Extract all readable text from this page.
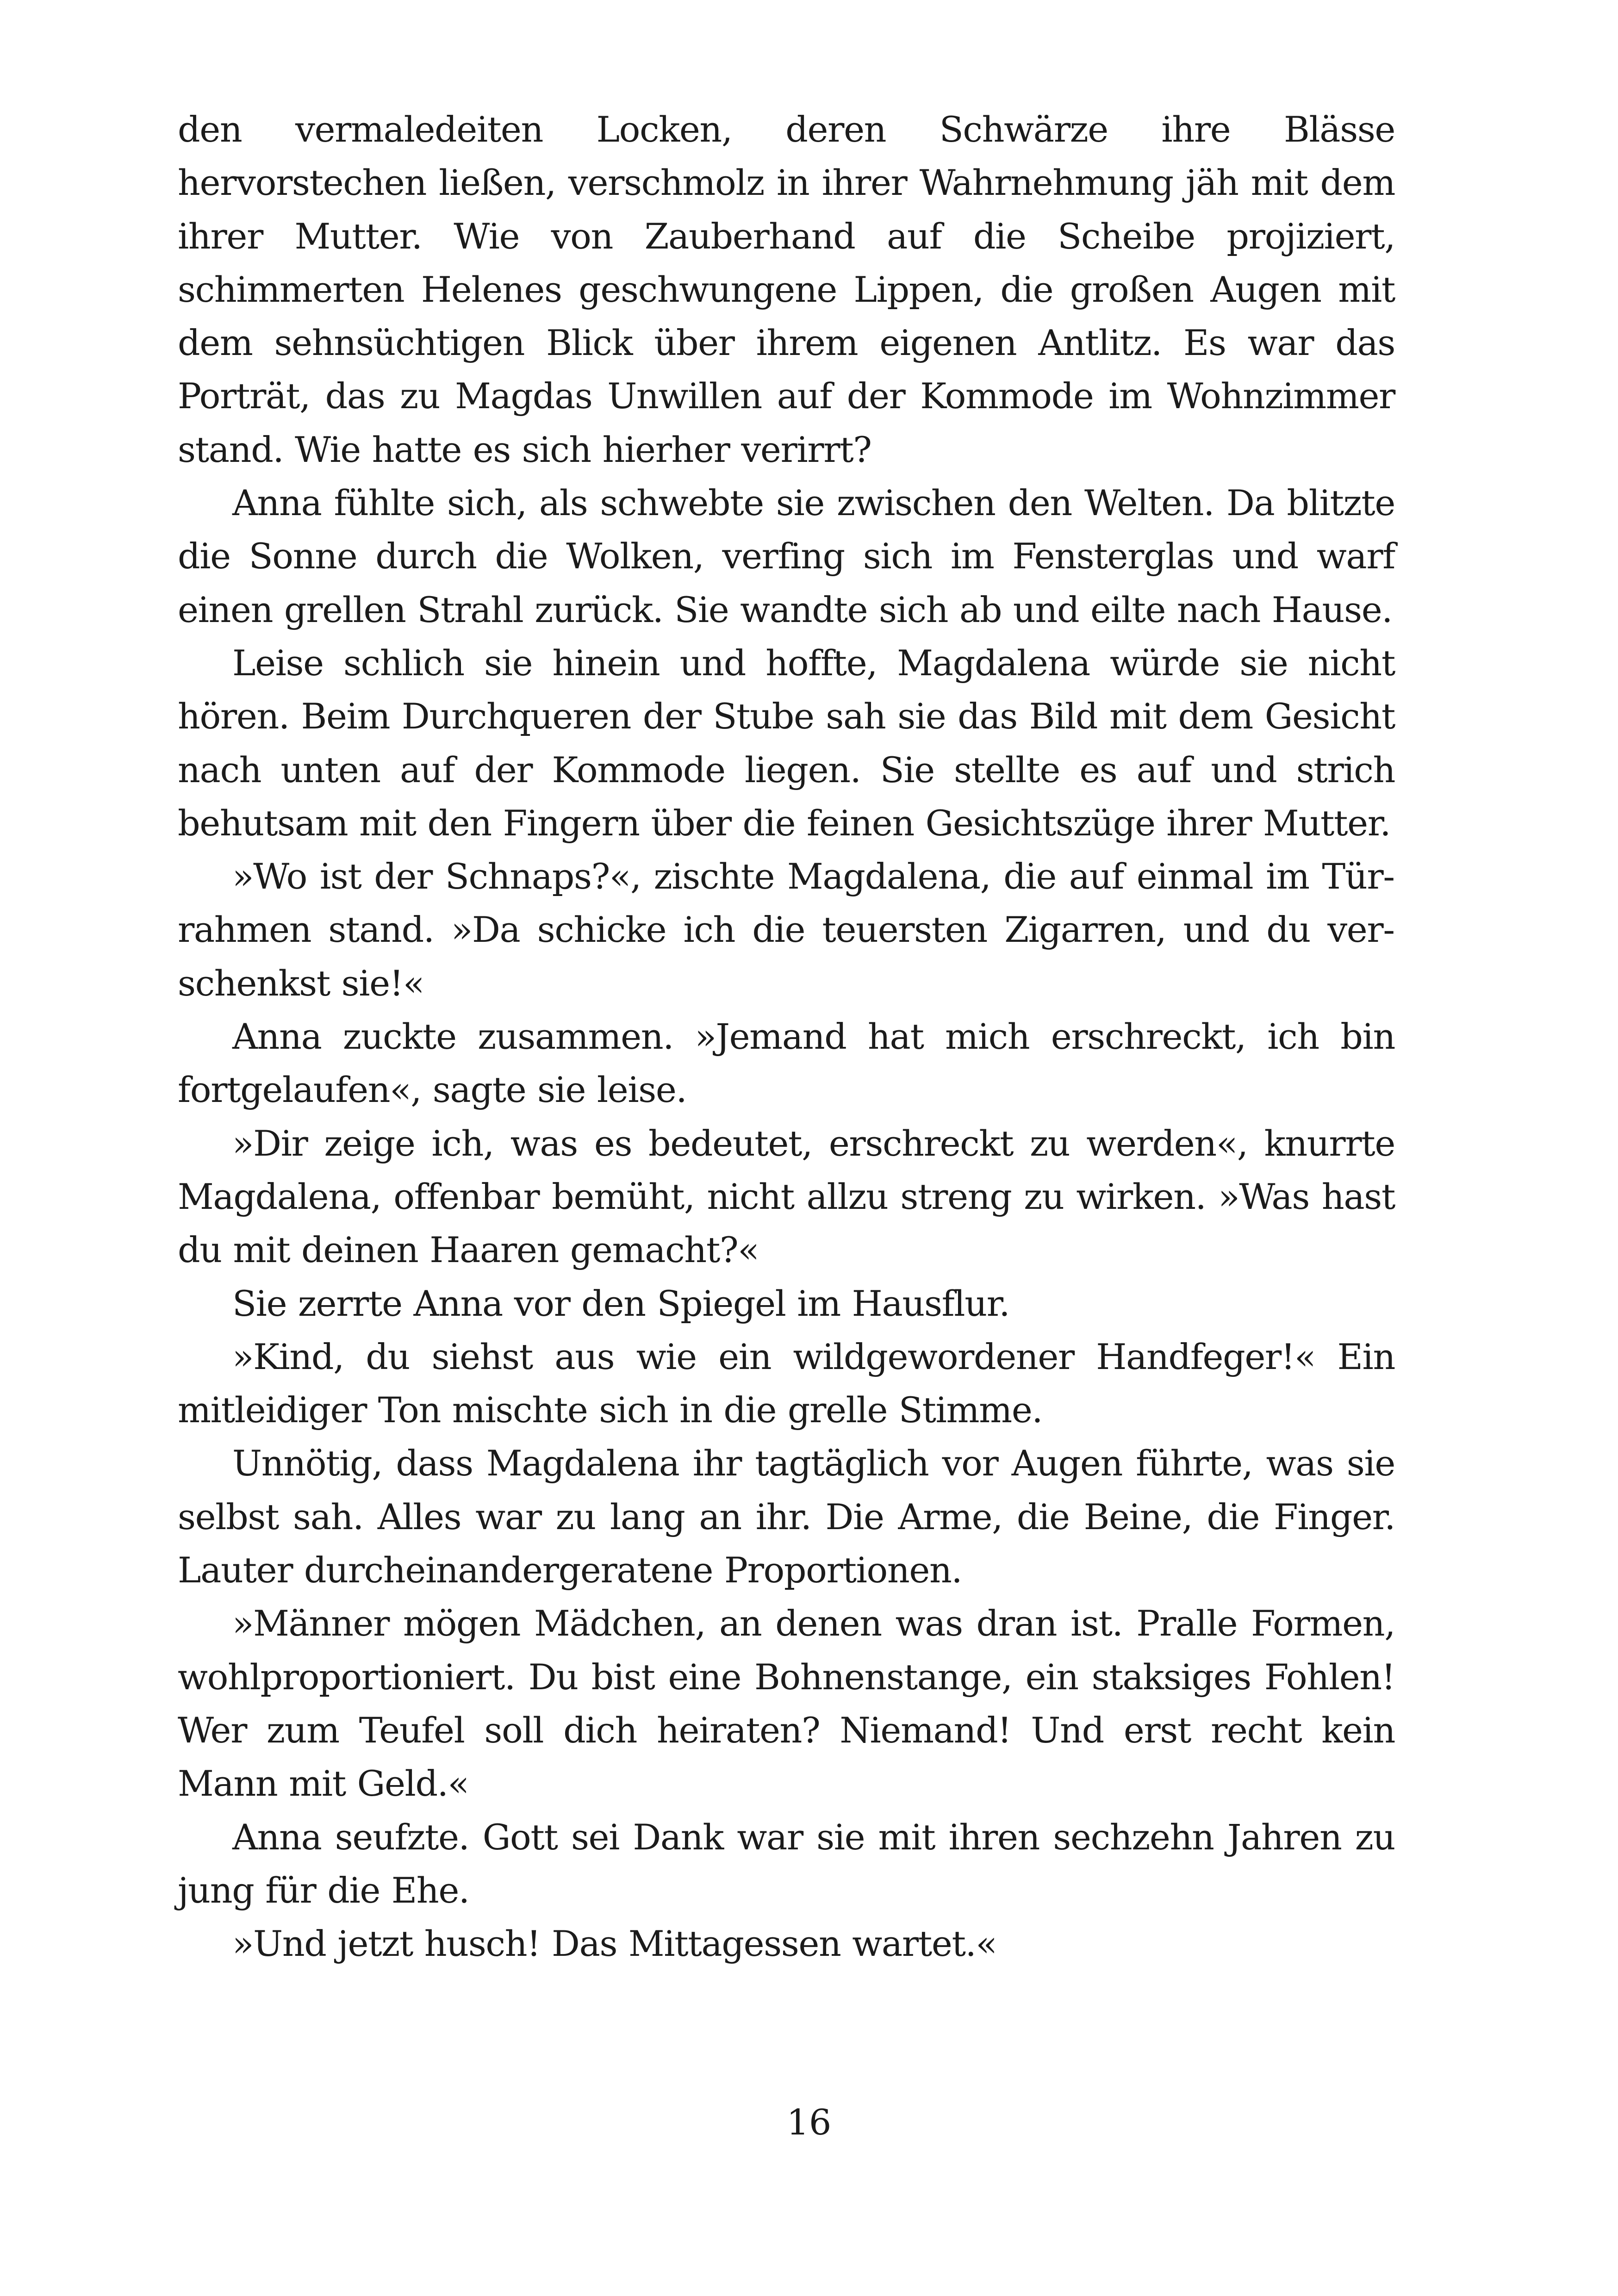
den vermaledeiten Locken, deren Schwärze ihre Blässe hervorstechen ließen, verschmolz in ihrer Wahrnehmung jäh mit dem ihrer Mutter. Wie von Zauberhand auf die Scheibe projiziert, schimmerten Helenes geschwungene Lippen, die großen Augen mit dem sehnsüchtigen Blick über ihrem eigenen Antlitz. Es war das Porträt, das zu Magdas Unwillen auf der Kommode im Wohnzimmer stand. Wie hatte es sich hierher verirrt?

Anna fühlte sich, als schwebte sie zwischen den Welten. Da blitzte die Sonne durch die Wolken, verfing sich im Fensterglas und warf einen grellen Strahl zurück. Sie wandte sich ab und eilte nach Hause.

Leise schlich sie hinein und hoffte, Magdalena würde sie nicht hören. Beim Durchqueren der Stube sah sie das Bild mit dem Gesicht nach unten auf der Kommode liegen. Sie stellte es auf und strich behutsam mit den Fingern über die feinen Gesichtszüge ihrer Mutter.

»Wo ist der Schnaps?«, zischte Magdalena, die auf einmal im Türrahmen stand. »Da schicke ich die teuersten Zigarren, und du verschenkst sie!«

Anna zuckte zusammen. »Jemand hat mich erschreckt, ich bin fortgelaufen«, sagte sie leise.

»Dir zeige ich, was es bedeutet, erschreckt zu werden«, knurrte Magdalena, offenbar bemüht, nicht allzu streng zu wirken. »Was hast du mit deinen Haaren gemacht?«

Sie zerrte Anna vor den Spiegel im Hausflur.

»Kind, du siehst aus wie ein wildgewordener Handfeger!« Ein mitleidiger Ton mischte sich in die grelle Stimme.

Unnötig, dass Magdalena ihr tagtäglich vor Augen führte, was sie selbst sah. Alles war zu lang an ihr. Die Arme, die Beine, die Finger. Lauter durcheinandergeratene Proportionen.

»Männer mögen Mädchen, an denen was dran ist. Pralle Formen, wohlproportioniert. Du bist eine Bohnenstange, ein staksiges Fohlen! Wer zum Teufel soll dich heiraten? Niemand! Und erst recht kein Mann mit Geld.«

Anna seufzte. Gott sei Dank war sie mit ihren sechzehn Jahren zu jung für die Ehe.

»Und jetzt husch! Das Mittagessen wartet.«

16
